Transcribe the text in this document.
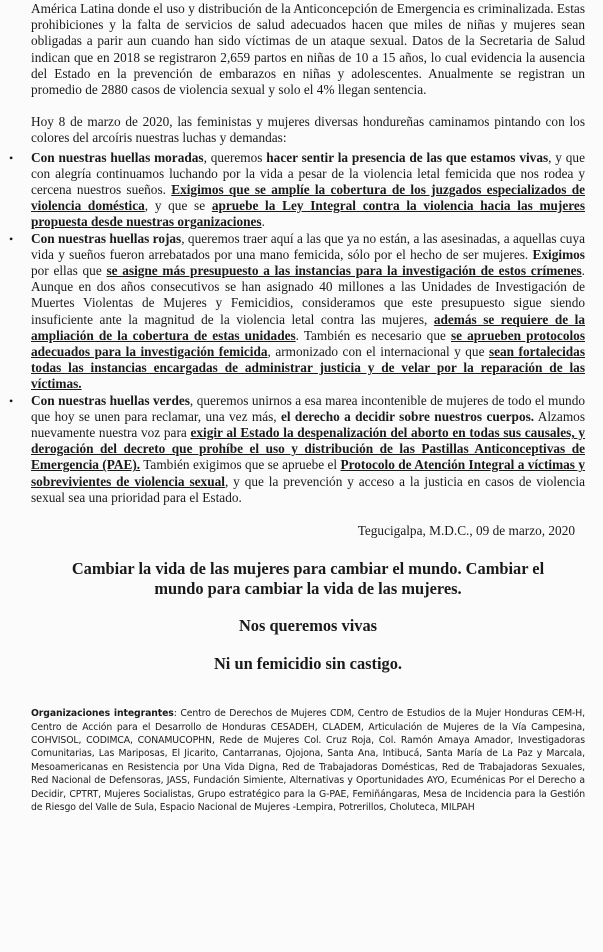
América Latina donde el uso y distribución de la Anticoncepción de Emergencia es criminalizada. Estas prohibiciones y la falta de servicios de salud adecuados hacen que miles de niñas y mujeres sean obligadas a parir aun cuando han sido víctimas de un ataque sexual. Datos de la Secretaria de Salud indican que en 2018 se registraron 2,659 partos en niñas de 10 a 15 años, lo cual evidencia la ausencia del Estado en la prevención de embarazos en niñas y adolescentes. Anualmente se registran un promedio de 2880 casos de violencia sexual y solo el 4% llegan sentencia.

Hoy 8 de marzo de 2020, las feministas y mujeres diversas hondureñas caminamos pintando con los colores del arcoíris nuestras luchas y demandas:

• Con nuestras huellas moradas, queremos hacer sentir la presencia de las que estamos vivas, y que con alegría continuamos luchando por la vida a pesar de la violencia letal femicida que nos rodea y cercena nuestros sueños. Exigimos que se amplíe la cobertura de los juzgados especializados de violencia doméstica, y que se apruebe la Ley Integral contra la violencia hacia las mujeres propuesta desde nuestras organizaciones.
• Con nuestras huellas rojas, queremos traer aquí a las que ya no están, a las asesinadas, a aquellas cuya vida y sueños fueron arrebatados por una mano femicida, sólo por el hecho de ser mujeres. Exigimos por ellas que se asigne más presupuesto a las instancias para la investigación de estos crímenes. Aunque en dos años consecutivos se han asignado 40 millones a las Unidades de Investigación de Muertes Violentas de Mujeres y Femicidios, consideramos que este presupuesto sigue siendo insuficiente ante la magnitud de la violencia letal contra las mujeres, además se requiere de la ampliación de la cobertura de estas unidades. También es necesario que se aprueben protocolos adecuados para la investigación femicida, armonizado con el internacional y que sean fortalecidas todas las instancias encargadas de administrar justicia y de velar por la reparación de las víctimas.
• Con nuestras huellas verdes, queremos unirnos a esa marea incontenible de mujeres de todo el mundo que hoy se unen para reclamar, una vez más, el derecho a decidir sobre nuestros cuerpos. Alzamos nuevamente nuestra voz para exigir al Estado la despenalización del aborto en todas sus causales, y derogación del decreto que prohíbe el uso y distribución de las Pastillas Anticonceptivas de Emergencia (PAE). También exigimos que se apruebe el Protocolo de Atención Integral a víctimas y sobrevivientes de violencia sexual, y que la prevención y acceso a la justicia en casos de violencia sexual sea una prioridad para el Estado.

Tegucigalpa, M.D.C., 09 de marzo, 2020

Cambiar la vida de las mujeres para cambiar el mundo. Cambiar el mundo para cambiar la vida de las mujeres.

Nos queremos vivas

Ni un femicidio sin castigo.

Organizaciones integrantes: Centro de Derechos de Mujeres CDM, Centro de Estudios de la Mujer Honduras CEM-H, Centro de Acción para el Desarrollo de Honduras CESADEH, CLADEM, Articulación de Mujeres de la Vía Campesina, COHVISOL, CODIMCA, CONAMUCOPHN, Rede de Mujeres Col. Cruz Roja, Col. Ramón Amaya Amador, Investigadoras Comunitarias, Las Mariposas, El Jicarito, Cantarranas, Ojojona, Santa Ana, Intibucá, Santa María de La Paz y Marcala, Mesoamericanas en Resistencia por Una Vida Digna, Red de Trabajadoras Domésticas, Red de Trabajadoras Sexuales, Red Nacional de Defensoras, JASS, Fundación Simiente, Alternativas y Oportunidades AYO, Ecuménicas Por el Derecho a Decidir, CPTRT, Mujeres Socialistas, Grupo estratégico para la G-PAE, Femiñángaras, Mesa de Incidencia para la Gestión de Riesgo del Valle de Sula, Espacio Nacional de Mujeres -Lempira, Potrerillos, Choluteca, MILPAH
